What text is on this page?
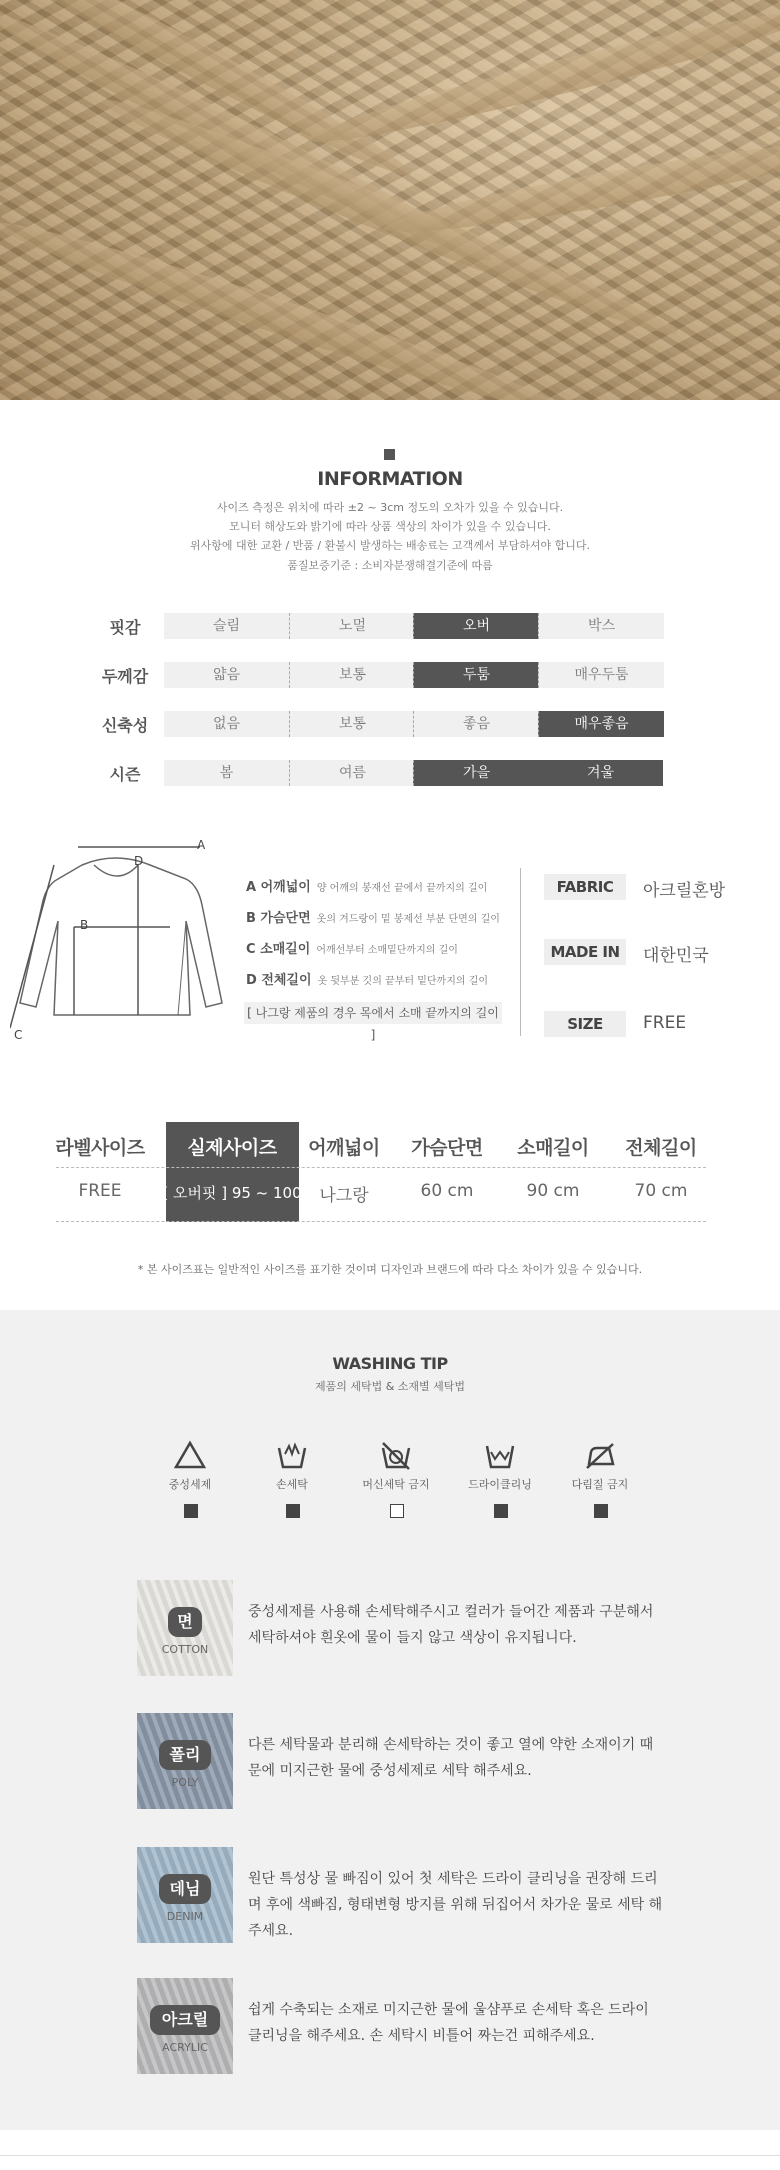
INFORMATION
사이즈 측정은 위치에 따라 ±2 ~ 3cm 정도의 오차가 있을 수 있습니다.
모니터 해상도와 밝기에 따라 상품 색상의 차이가 있을 수 있습니다.
위사항에 대한 교환 / 반품 / 환불시 발생하는 배송료는 고객께서 부담하셔야 합니다.
품질보증기준 : 소비자분쟁해결기준에 따름
핏감	슬림	노멀	오버	박스
두께감	얇음	보통	두툼	매우두툼
신축성	없음	보통	좋음	매우좋음
시즌	봄	여름	가을	겨울
A
D
B
C
A 어깨넓이 양 어깨의 봉재선 끝에서 끝까지의 길이
B 가슴단면 옷의 겨드랑이 밑 봉제선 부분 단면의 길이
C 소매길이 어깨선부터 소매밑단까지의 길이
D 전체길이 옷 뒷부분 깃의 끝부터 밑단까지의 길이
[ 나그랑 제품의 경우 목에서 소매 끝까지의 길이 ]
FABRIC	아크릴혼방
MADE IN	대한민국
SIZE	FREE
라벨사이즈	실제사이즈	어깨넓이	가슴단면	소매길이	전체길이
FREE	[ 오버핏 ] 95 ~ 100	나그랑	60 cm	90 cm	70 cm
* 본 사이즈표는 일반적인 사이즈를 표기한 것이며 디자인과 브랜드에 따라 다소 차이가 있을 수 있습니다.
WASHING TIP
제품의 세탁법 & 소재별 세탁법
중성세제	손세탁	머신세탁 금지	드라이클리닝	다림질 금지
면
COTTON
중성세제를 사용해 손세탁해주시고 컬러가 들어간 제품과 구분해서 세탁하셔야 흰옷에 물이 들지 않고 색상이 유지됩니다.
폴리
POLY
다른 세탁물과 분리해 손세탁하는 것이 좋고 열에 약한 소재이기 때문에 미지근한 물에 중성세제로 세탁 해주세요.
데님
DENIM
원단 특성상 물 빠짐이 있어 첫 세탁은 드라이 클리닝을 권장해 드리며 후에 색빠짐, 형태변형 방지를 위해 뒤집어서 차가운 물로 세탁 해주세요.
아크릴
ACRYLIC
쉽게 수축되는 소재로 미지근한 물에 울샴푸로 손세탁 혹은 드라이 클리닝을 해주세요. 손 세탁시 비틀어 짜는건 피해주세요.
